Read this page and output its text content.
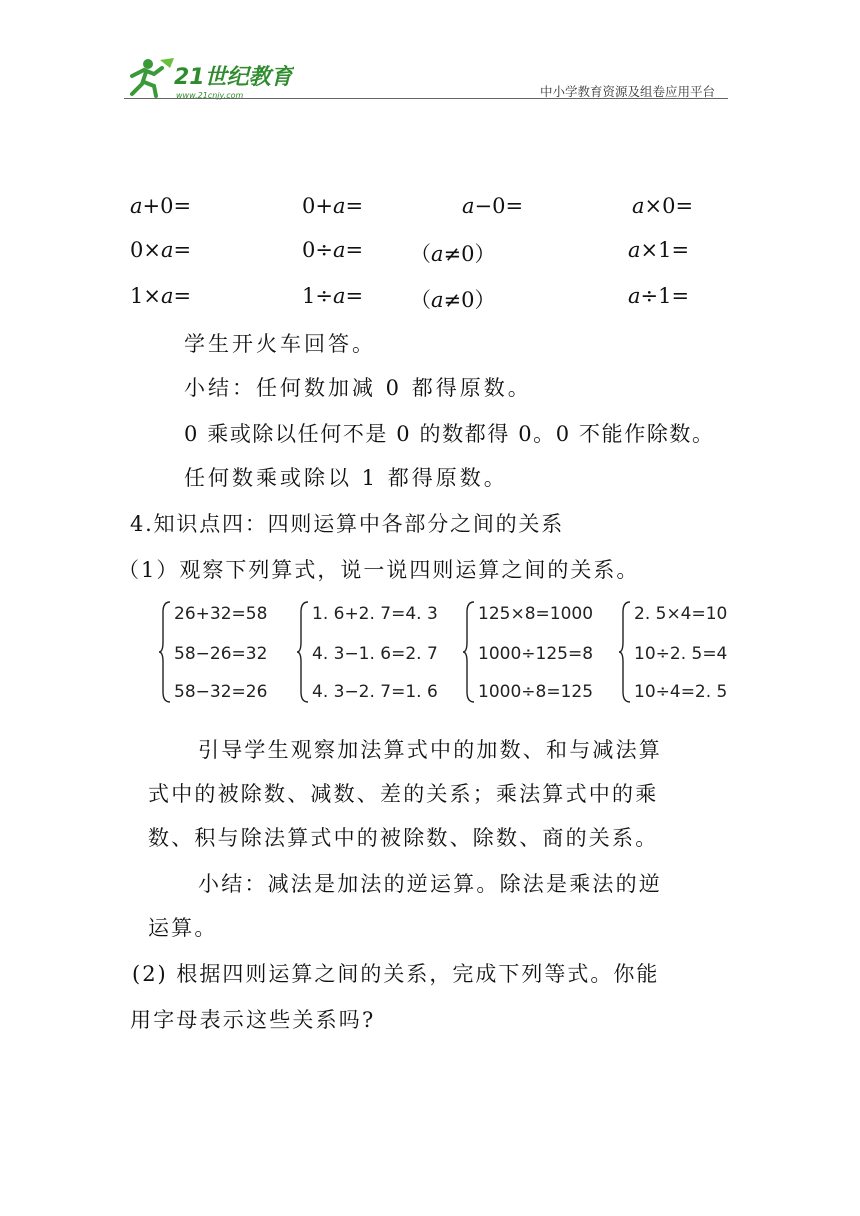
21世纪教育
www.21cnjy.com	中小学教育资源及组卷应用平台
a+0=	0+a=	a−0=	a×0=
0×a=	0÷a= （a≠0）	a×1=
1×a=	1÷a= （a≠0）	a÷1=
学生开火车回答。
小结：任何数加减 0 都得原数。
0 乘或除以任何不是 0 的数都得 0。0 不能作除数。
任何数乘或除以 1 都得原数。
4.知识点四：四则运算中各部分之间的关系
（1）观察下列算式，说一说四则运算之间的关系。
26+32=58
58−26=32
58−32=26
1. 6+2. 7=4. 3
4. 3−1. 6=2. 7
4. 3−2. 7=1. 6
125×8=1000
1000÷125=8
1000÷8=125
2. 5×4=10
10÷2. 5=4
10÷4=2. 5
引导学生观察加法算式中的加数、和与减法算
式中的被除数、减数、差的关系；乘法算式中的乘
数、积与除法算式中的被除数、除数、商的关系。
小结：减法是加法的逆运算。除法是乘法的逆
运算。
(2) 根据四则运算之间的关系，完成下列等式。你能
用字母表示这些关系吗?
